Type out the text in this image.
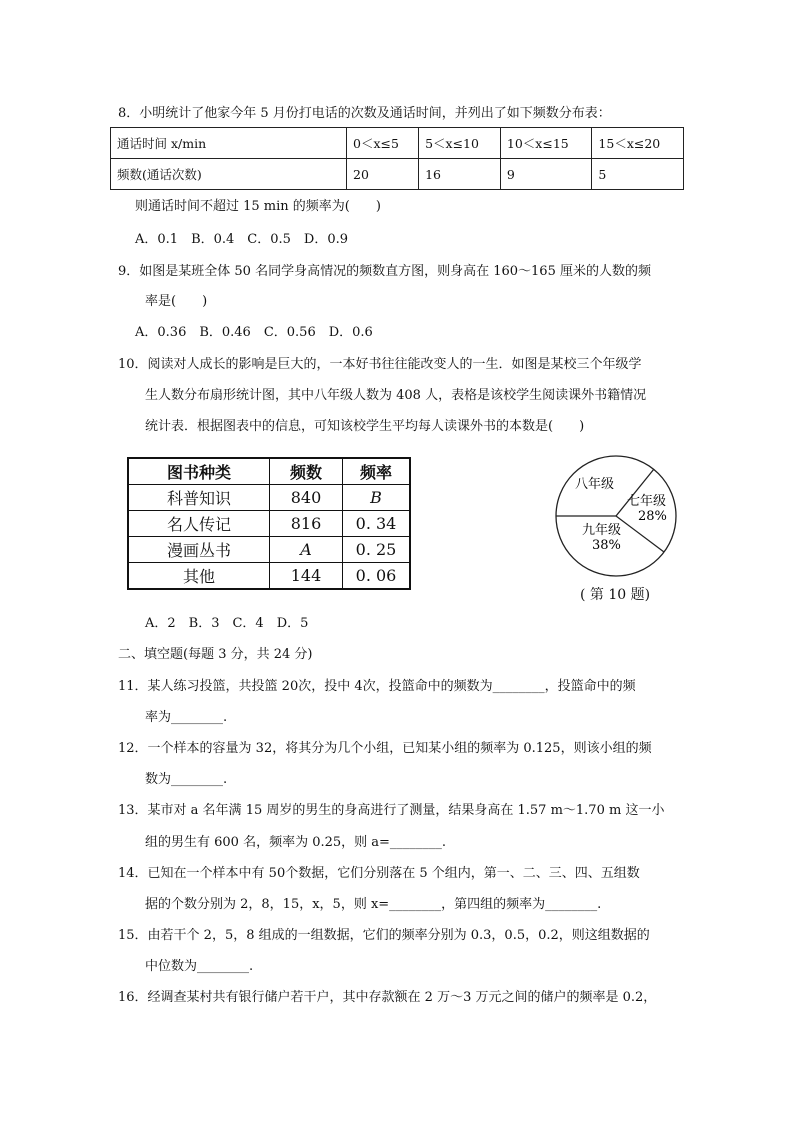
8．小明统计了他家今年 5 月份打电话的次数及通话时间，并列出了如下频数分布表：
通话时间 x/min	0＜x≤5	5＜x≤10	10＜x≤15	15＜x≤20
频数(通话次数)	20	16	9	5
则通话时间不超过 15 min 的频率为(　　)
A．0.1　B．0.4　C．0.5　D．0.9
9．如图是某班全体 50 名同学身高情况的频数直方图，则身高在 160～165 厘米的人数的频
率是(　　)
A．0.36　B．0.46　C．0.56　D．0.6
10．阅读对人成长的影响是巨大的，一本好书往往能改变人的一生．如图是某校三个年级学
生人数分布扇形统计图，其中八年级人数为 408 人，表格是该校学生阅读课外书籍情况
统计表．根据图表中的信息，可知该校学生平均每人读课外书的本数是(　　)
图书种类	频数	频率
科普知识	840	B
名人传记	816	0. 34
漫画丛书	A	0. 25
其他	144	0. 06
八年级
七年级
28%
九年级
38%
( 第 10 题)
A．2　B．3　C．4　D．5
二、填空题(每题 3 分，共 24 分)
11．某人练习投篮，共投篮 20次，投中 4次，投篮命中的频数为________，投篮命中的频
率为________.
12．一个样本的容量为 32，将其分为几个小组，已知某小组的频率为 0.125，则该小组的频
数为________.
13．某市对 a 名年满 15 周岁的男生的身高进行了测量，结果身高在 1.57 m～1.70 m 这一小
组的男生有 600 名，频率为 0.25，则 a=________.
14．已知在一个样本中有 50个数据，它们分别落在 5 个组内，第一、二、三、四、五组数
据的个数分别为 2，8，15，x，5，则 x=________，第四组的频率为________.
15．由若干个 2，5，8 组成的一组数据，它们的频率分别为 0.3，0.5，0.2，则这组数据的
中位数为________.
16．经调查某村共有银行储户若干户，其中存款额在 2 万～3 万元之间的储户的频率是 0.2，
